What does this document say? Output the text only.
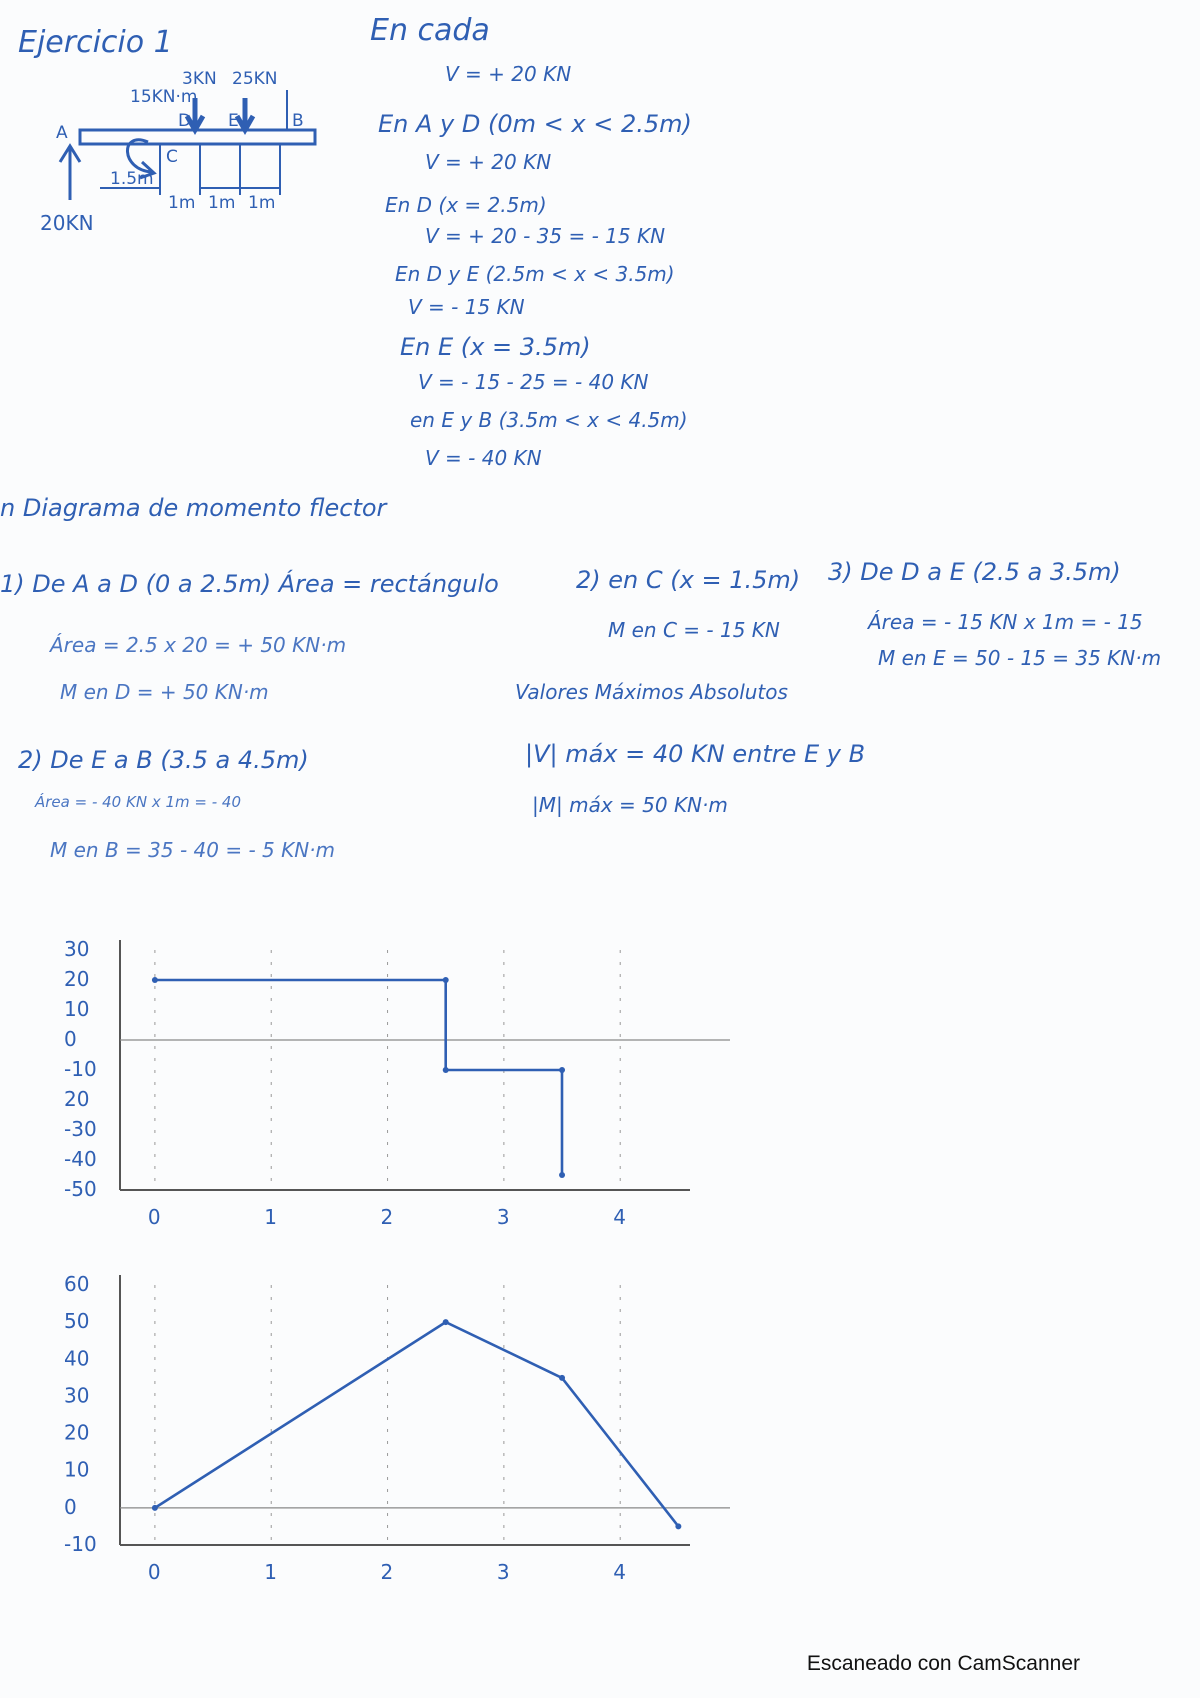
Ejercicio 1	En cada
3KN 25KN
15KN·m
A
C
D E	B
1.5m
1m 1m 1m
20KN
V = + 20 KN
En A y D (0m < x < 2.5m)
V = + 20 KN
En D (x = 2.5m)
V = + 20 - 35 = - 15 KN
En D y E (2.5m < x < 3.5m)
V = - 15 KN
En E (x = 3.5m)
V = - 15 - 25 = - 40 KN
en E y B (3.5m < x < 4.5m)
V = - 40 KN
n Diagrama de momento flector
1) De A a D (0 a 2.5m) Área = rectángulo
Área = 2.5 x 20 = + 50 KN·m
M en D = + 50 KN·m
2) en C (x = 1.5m)
M en C = - 15 KN
3) De D a E (2.5 a 3.5m)
Área = - 15 KN x 1m = - 15
M en E = 50 - 15 = 35 KN·m
Valores Máximos Absolutos
2) De E a B (3.5 a 4.5m)
Área = - 40 KN x 1m = - 40
M en B = 35 - 40 = - 5 KN·m
|V| máx = 40 KN entre E y B
|M| máx = 50 KN·m
0	1	2	3	4
30
20
10
0
-10
20
-30
-40
-50
0	1	2	3	4
60
50
40
30
20
10
0
-10
Escaneado con CamScanner
